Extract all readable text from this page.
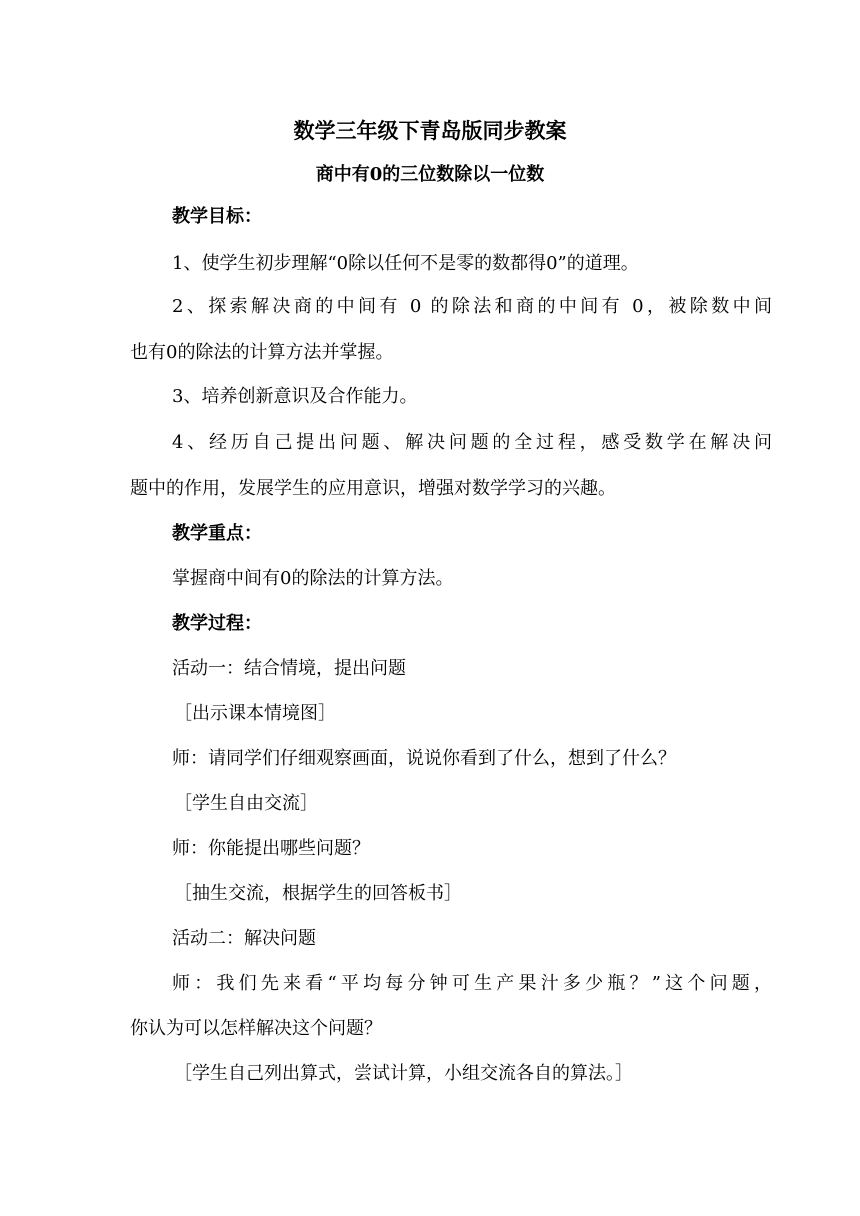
数学三年级下青岛版同步教案
商中有0的三位数除以一位数
教学目标：
1、使学生初步理解“0除以任何不是零的数都得0”的道理。
2、探索解决商的中间有 0 的除法和商的中间有 0，被除数中间
也有0的除法的计算方法并掌握。
3、培养创新意识及合作能力。
4、经历自己提出问题、解决问题的全过程，感受数学在解决问
题中的作用，发展学生的应用意识，增强对数学学习的兴趣。
教学重点：
掌握商中间有0的除法的计算方法。
教学过程：
活动一：结合情境，提出问题
［出示课本情境图］
师：请同学们仔细观察画面，说说你看到了什么，想到了什么？
［学生自由交流］
师：你能提出哪些问题？
［抽生交流，根据学生的回答板书］
活动二：解决问题
师：我们先来看“平均每分钟可生产果汁多少瓶？”这个问题，
你认为可以怎样解决这个问题？
［学生自己列出算式，尝试计算，小组交流各自的算法。］
